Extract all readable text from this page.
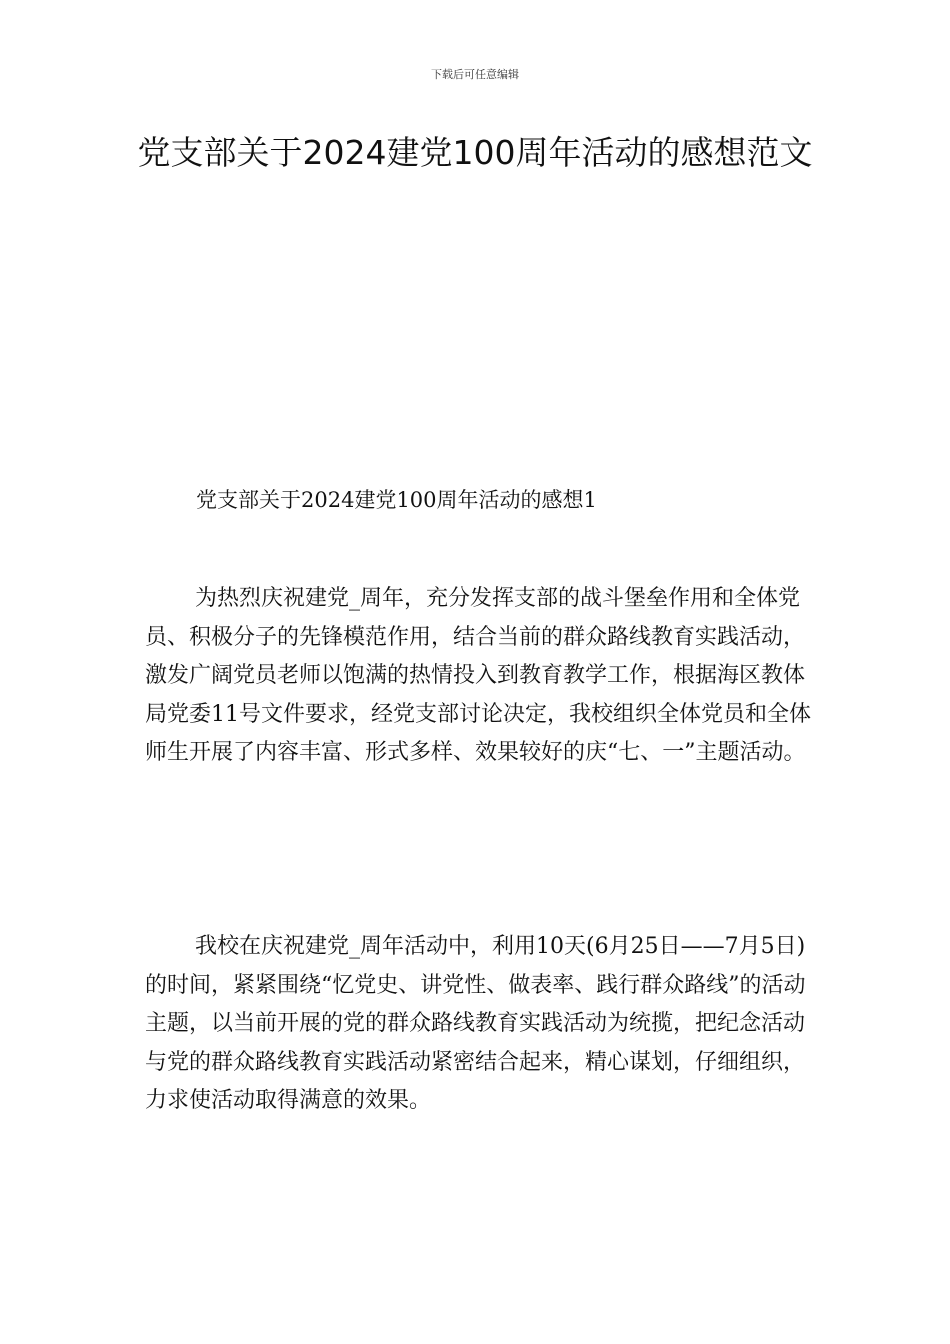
下载后可任意编辑
党支部关于2024建党100周年活动的感想范文
党支部关于2024建党100周年活动的感想1

为热烈庆祝建党_周年，充分发挥支部的战斗堡垒作用和全体党员、积极分子的先锋模范作用，结合当前的群众路线教育实践活动，激发广阔党员老师以饱满的热情投入到教育教学工作，根据海区教体局党委11号文件要求，经党支部讨论决定，我校组织全体党员和全体师生开展了内容丰富、形式多样、效果较好的庆“七、一”主题活动。

我校在庆祝建党_周年活动中，利用10天(6月25日——7月5日)的时间，紧紧围绕“忆党史、讲党性、做表率、践行群众路线”的活动主题，以当前开展的党的群众路线教育实践活动为统揽，把纪念活动与党的群众路线教育实践活动紧密结合起来，精心谋划，仔细组织，力求使活动取得满意的效果。
